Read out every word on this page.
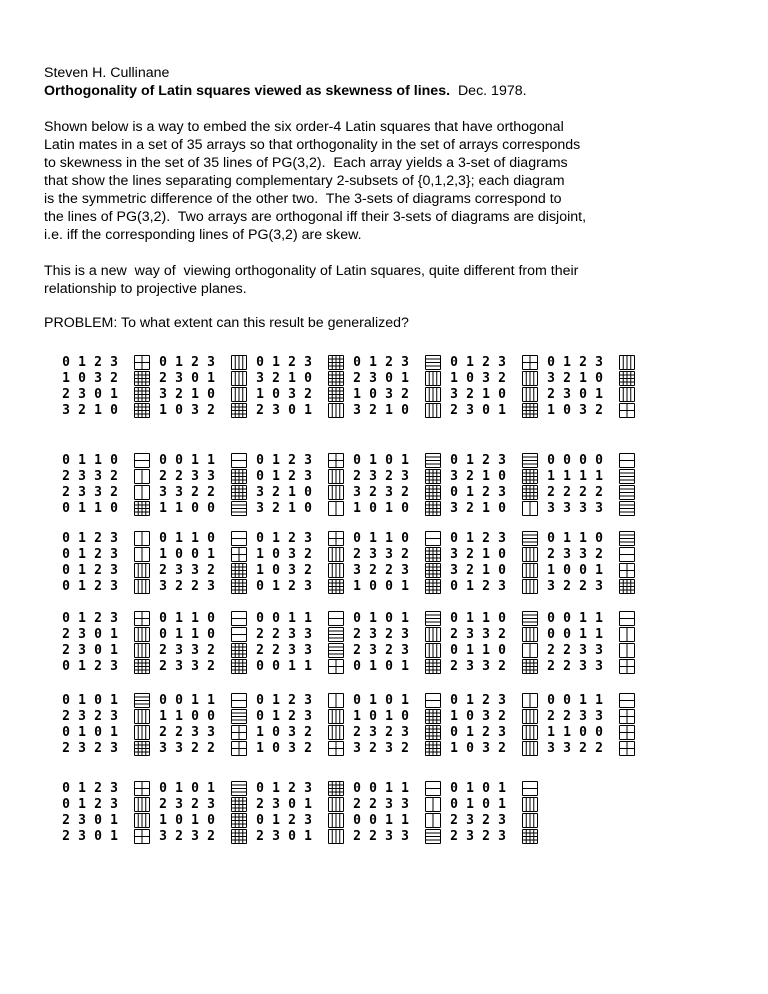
Steven H. Cullinane
Orthogonality of Latin squares viewed as skewness of lines. Dec. 1978.
Shown below is a way to embed the six order-4 Latin squares that have orthogonal
Latin mates in a set of 35 arrays so that orthogonality in the set of arrays corresponds
to skewness in the set of 35 lines of PG(3,2).  Each array yields a 3-set of diagrams
that show the lines separating complementary 2-subsets of {0,1,2,3}; each diagram
is the symmetric difference of the other two.  The 3-sets of diagrams correspond to
the lines of PG(3,2).  Two arrays are orthogonal iff their 3-sets of diagrams are disjoint,
i.e. iff the corresponding lines of PG(3,2) are skew.
This is a new  way of  viewing orthogonality of Latin squares, quite different from their
relationship to projective planes.
PROBLEM: To what extent can this result be generalized?
0 1 2 3
1 0 3 2
2 3 0 1
3 2 1 0
0 1 2 3
2 3 0 1
3 2 1 0
1 0 3 2
0 1 2 3
3 2 1 0
1 0 3 2
2 3 0 1
0 1 2 3
2 3 0 1
1 0 3 2
3 2 1 0
0 1 2 3
1 0 3 2
3 2 1 0
2 3 0 1
0 1 2 3
3 2 1 0
2 3 0 1
1 0 3 2
0 1 1 0
2 3 3 2
2 3 3 2
0 1 1 0
0 0 1 1
2 2 3 3
3 3 2 2
1 1 0 0
0 1 2 3
0 1 2 3
3 2 1 0
3 2 1 0
0 1 0 1
2 3 2 3
3 2 3 2
1 0 1 0
0 1 2 3
3 2 1 0
0 1 2 3
3 2 1 0
0 0 0 0
1 1 1 1
2 2 2 2
3 3 3 3
0 1 2 3
0 1 2 3
0 1 2 3
0 1 2 3
0 1 1 0
1 0 0 1
2 3 3 2
3 2 2 3
0 1 2 3
1 0 3 2
1 0 3 2
0 1 2 3
0 1 1 0
2 3 3 2
3 2 2 3
1 0 0 1
0 1 2 3
3 2 1 0
3 2 1 0
0 1 2 3
0 1 1 0
2 3 3 2
1 0 0 1
3 2 2 3
0 1 2 3
2 3 0 1
2 3 0 1
0 1 2 3
0 1 1 0
0 1 1 0
2 3 3 2
2 3 3 2
0 0 1 1
2 2 3 3
2 2 3 3
0 0 1 1
0 1 0 1
2 3 2 3
2 3 2 3
0 1 0 1
0 1 1 0
2 3 3 2
0 1 1 0
2 3 3 2
0 0 1 1
0 0 1 1
2 2 3 3
2 2 3 3
0 1 0 1
2 3 2 3
0 1 0 1
2 3 2 3
0 0 1 1
1 1 0 0
2 2 3 3
3 3 2 2
0 1 2 3
0 1 2 3
1 0 3 2
1 0 3 2
0 1 0 1
1 0 1 0
2 3 2 3
3 2 3 2
0 1 2 3
1 0 3 2
0 1 2 3
1 0 3 2
0 0 1 1
2 2 3 3
1 1 0 0
3 3 2 2
0 1 2 3
0 1 2 3
2 3 0 1
2 3 0 1
0 1 0 1
2 3 2 3
1 0 1 0
3 2 3 2
0 1 2 3
2 3 0 1
0 1 2 3
2 3 0 1
0 0 1 1
2 2 3 3
0 0 1 1
2 2 3 3
0 1 0 1
0 1 0 1
2 3 2 3
2 3 2 3
